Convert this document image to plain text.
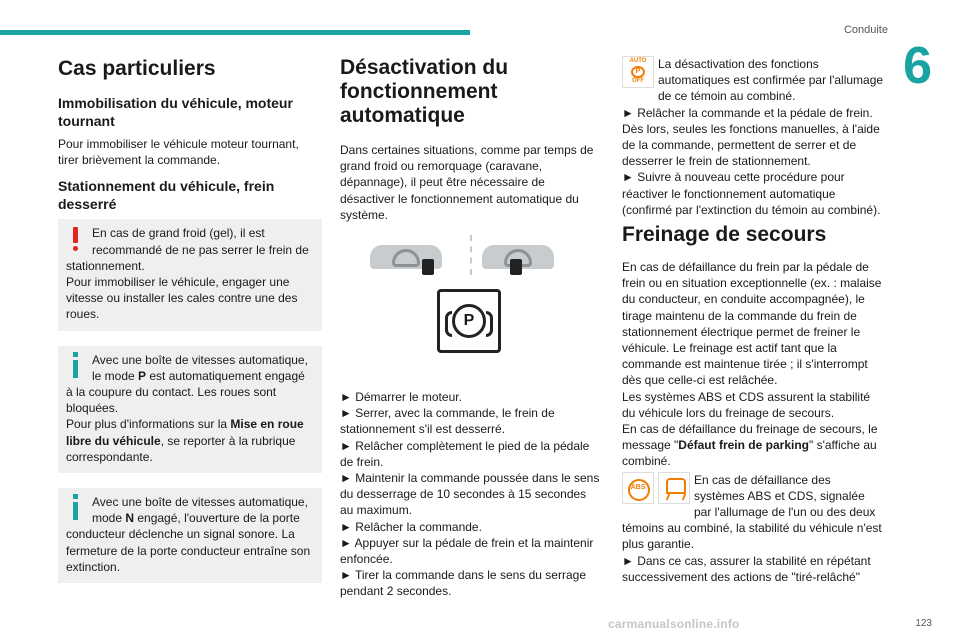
Conduite
6
Cas particuliers
Immobilisation du véhicule, moteur tournant

Pour immobiliser le véhicule moteur tournant, tirer brièvement la commande.

Stationnement du véhicule, frein desserré
En cas de grand froid (gel), il est recommandé de ne pas serrer le frein de stationnement.
Pour immobiliser le véhicule, engager une vitesse ou installer les cales contre une des roues.
Avec une boîte de vitesses automatique, le mode P est automatiquement engagé à la coupure du contact. Les roues sont bloquées.
Pour plus d'informations sur la Mise en roue libre du véhicule, se reporter à la rubrique correspondante.
Avec une boîte de vitesses automatique, mode N engagé, l'ouverture de la porte conducteur déclenche un signal sonore. La fermeture de la porte conducteur entraîne son extinction.
Désactivation du fonctionnement automatique

Dans certaines situations, comme par temps de grand froid ou remorquage (caravane, dépannage), il peut être nécessaire de désactiver le fonctionnement automatique du système.

P
► Démarrer le moteur.
► Serrer, avec la commande, le frein de stationnement s'il est desserré.
► Relâcher complètement le pied de la pédale de frein.
► Maintenir la commande poussée dans le sens du desserrage de 10 secondes à 15 secondes au maximum.
► Relâcher la commande.
► Appuyer sur la pédale de frein et la maintenir enfoncée.
► Tirer la commande dans le sens du serrage pendant 2 secondes.
AUTO
P
OFF
La désactivation des fonctions automatiques est confirmée par l'allumage de ce témoin au combiné.
► Relâcher la commande et la pédale de frein.
Dès lors, seules les fonctions manuelles, à l'aide de la commande, permettent de serrer et de desserrer le frein de stationnement.
► Suivre à nouveau cette procédure pour réactiver le fonctionnement automatique (confirmé par l'extinction du témoin au combiné).
Freinage de secours
En cas de défaillance du frein par la pédale de frein ou en situation exceptionnelle (ex. : malaise du conducteur, en conduite accompagnée), le tirage maintenu de la commande du frein de stationnement électrique permet de freiner le véhicule. Le freinage est actif tant que la commande est maintenue tirée ; il s'interrompt dès que celle-ci est relâchée.
Les systèmes ABS et CDS assurent la stabilité du véhicule lors du freinage de secours.
En cas de défaillance du freinage de secours, le message "Défaut frein de parking" s'affiche au combiné.
ABS
En cas de défaillance des systèmes ABS et CDS, signalée par l'allumage de l'un ou des deux témoins au combiné, la stabilité du véhicule n'est plus garantie.
► Dans ce cas, assurer la stabilité en répétant successivement des actions de "tiré-relâché"
carmanualsonline.info	123
